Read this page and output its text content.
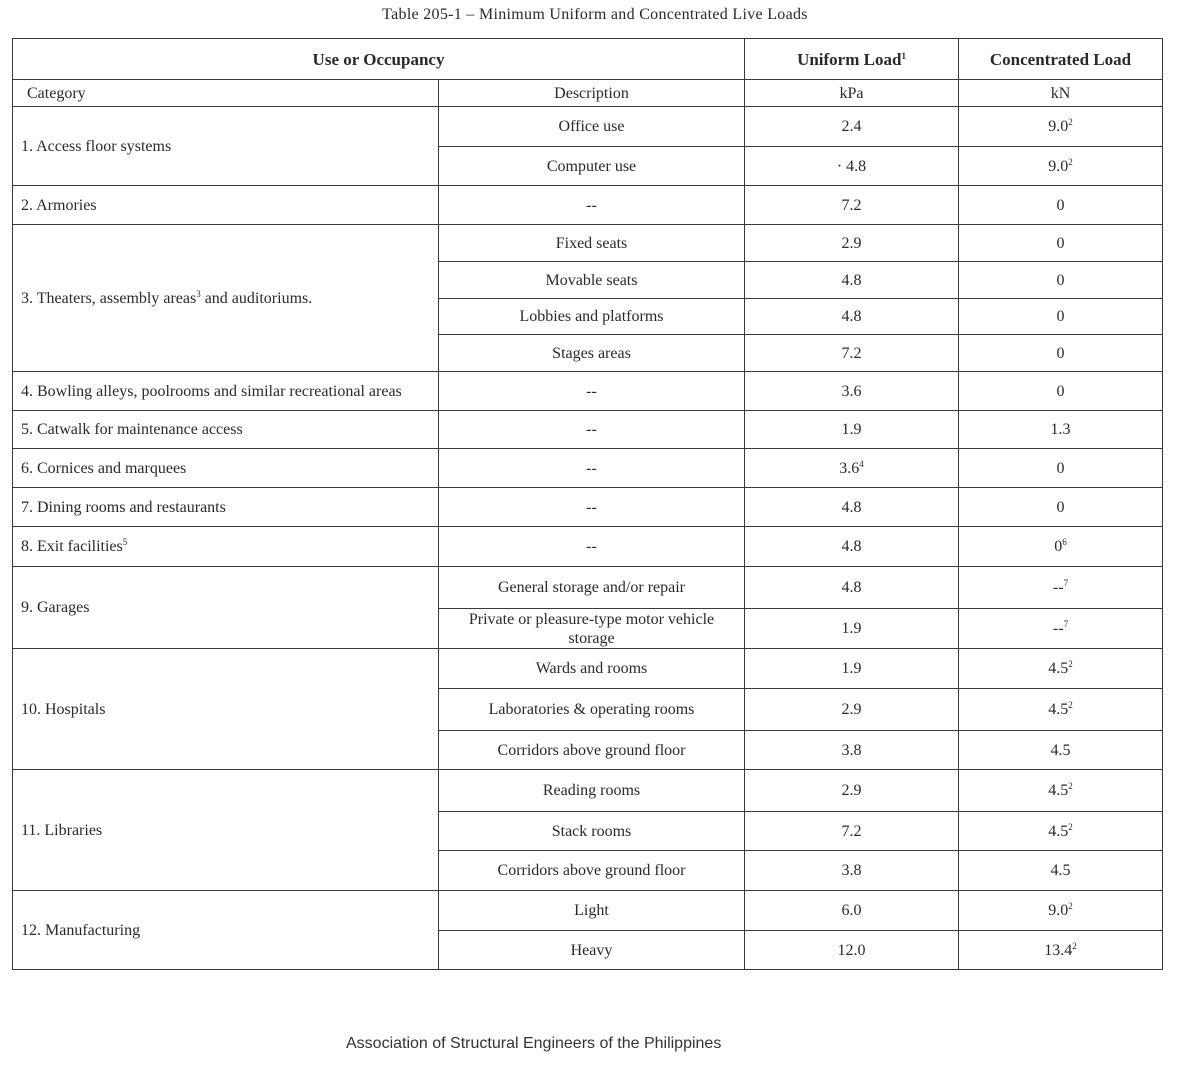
Table 205-1 – Minimum Uniform and Concentrated Live Loads
Use or Occupancy		Uniform Load$^1$	Concentrated Load
Category	Description	kPa	kN
1. Access floor systems	Office use	2.4	$9.0^2$
	Computer use	· 4.8	$9.0^2$
2. Armories	--	7.2	0
3. Theaters, assembly areas$^3$ and auditoriums.	Fixed seats	2.9	0
	Movable seats	4.8	0
	Lobbies and platforms	4.8	0
	Stages areas	7.2	0
4. Bowling alleys, poolrooms and similar recreational areas	--	3.6	0
5. Catwalk for maintenance access	--	1.9	1.3
6. Cornices and marquees	--	$3.6^4$	0
7. Dining rooms and restaurants	--	4.8	0
8. Exit facilities$^5$	--	4.8	$0^6$
9. Garages	General storage and/or repair	4.8	--$^7$
	Private or pleasure-type motor vehicle storage	1.9	--$^7$
10. Hospitals	Wards and rooms	1.9	$4.5^2$
	Laboratories & operating rooms	2.9	$4.5^2$
	Corridors above ground floor	3.8	4.5
11. Libraries	Reading rooms	2.9	$4.5^2$
	Stack rooms	7.2	$4.5^2$
	Corridors above ground floor	3.8	4.5
12. Manufacturing	Light	6.0	$9.0^2$
	Heavy	12.0	13.4$^2$
Association of Structural Engineers of the Philippines
